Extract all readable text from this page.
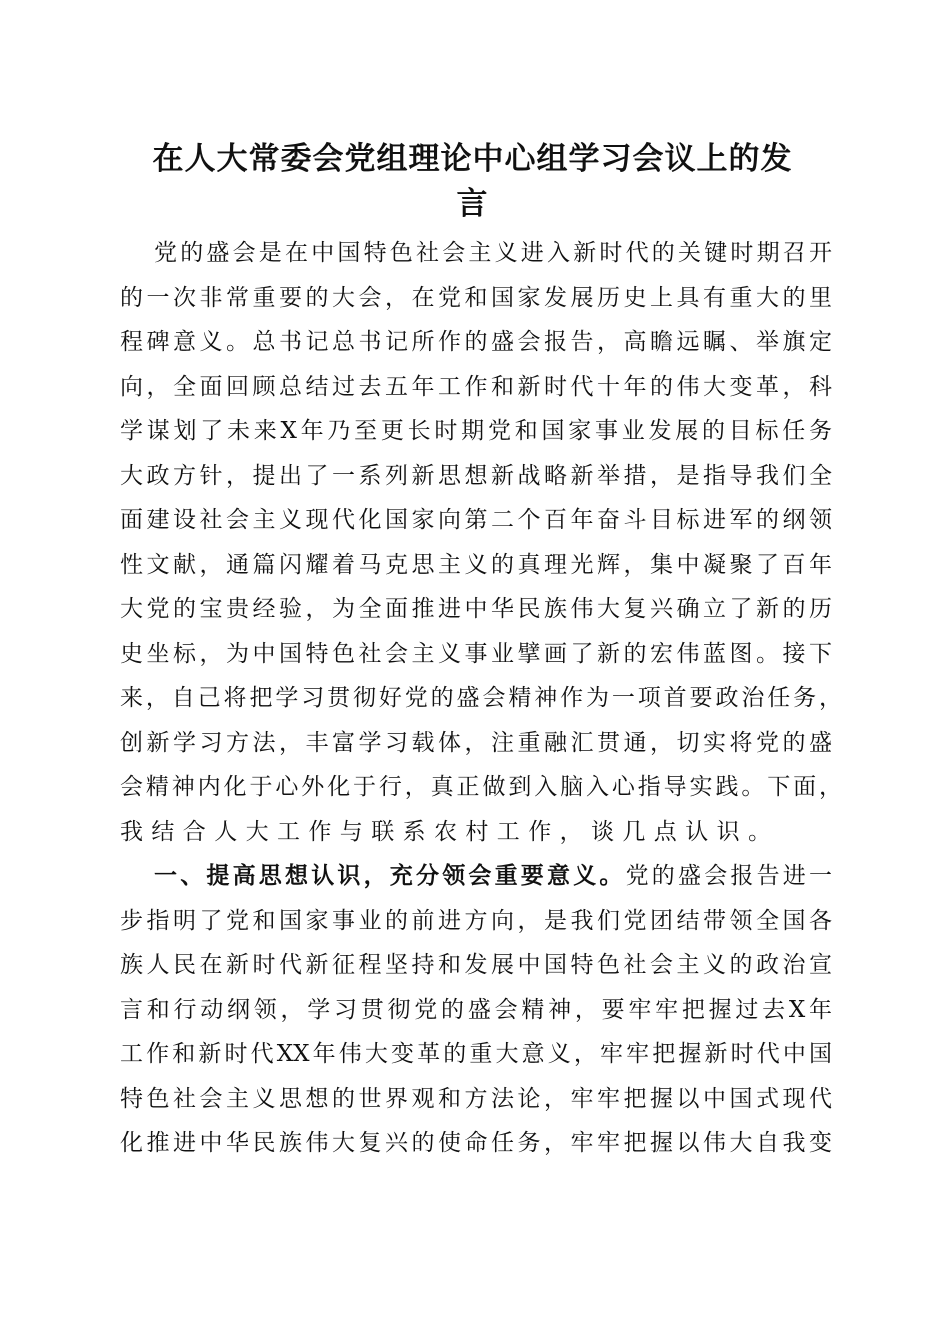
在人大常委会党组理论中心组学习会议上的发
言
党的盛会是在中国特色社会主义进入新时代的关键时期召开
的一次非常重要的大会，在党和国家发展历史上具有重大的里
程碑意义。总书记总书记所作的盛会报告，高瞻远瞩、举旗定
向，全面回顾总结过去五年工作和新时代十年的伟大变革，科
学谋划了未来X年乃至更长时期党和国家事业发展的目标任务
大政方针，提出了一系列新思想新战略新举措，是指导我们全
面建设社会主义现代化国家向第二个百年奋斗目标进军的纲领
性文献，通篇闪耀着马克思主义的真理光辉，集中凝聚了百年
大党的宝贵经验，为全面推进中华民族伟大复兴确立了新的历
史坐标，为中国特色社会主义事业擘画了新的宏伟蓝图。接下
来，自己将把学习贯彻好党的盛会精神作为一项首要政治任务，
创新学习方法，丰富学习载体，注重融汇贯通，切实将党的盛
会精神内化于心外化于行，真正做到入脑入心指导实践。下面，
我结合人大工作与联系农村工作，谈几点认识。
一、提高思想认识，充分领会重要意义。党的盛会报告进一
步指明了党和国家事业的前进方向，是我们党团结带领全国各
族人民在新时代新征程坚持和发展中国特色社会主义的政治宣
言和行动纲领，学习贯彻党的盛会精神，要牢牢把握过去X年
工作和新时代XX年伟大变革的重大意义，牢牢把握新时代中国
特色社会主义思想的世界观和方法论，牢牢把握以中国式现代
化推进中华民族伟大复兴的使命任务，牢牢把握以伟大自我变
